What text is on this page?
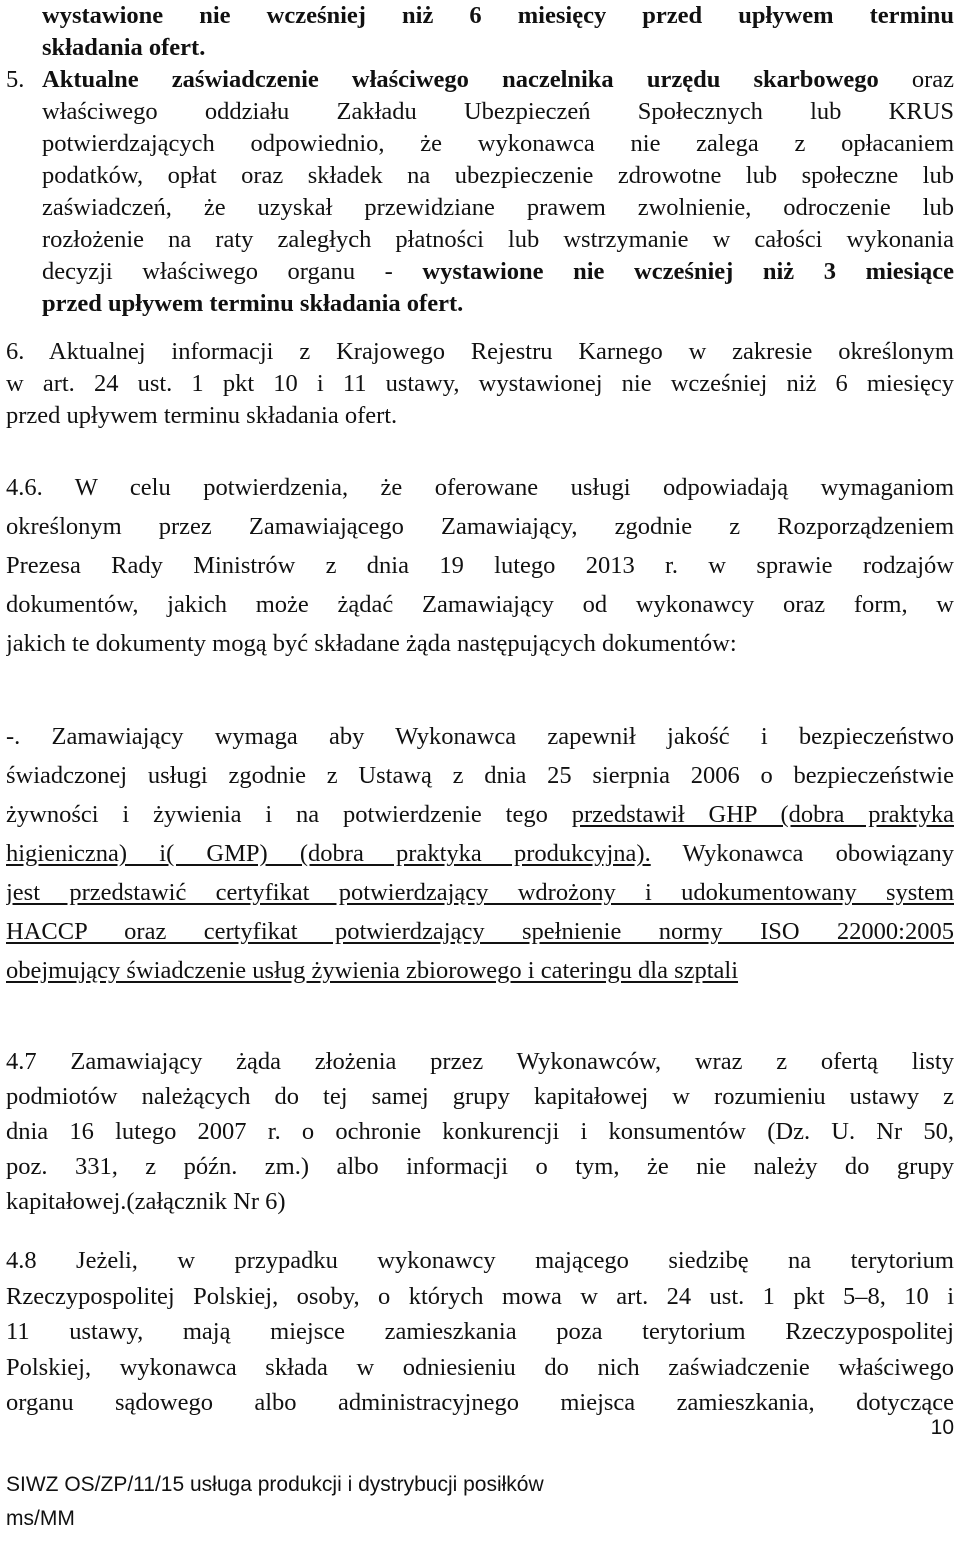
wystawione nie wcześniej niż 6 miesięcy przed upływem terminu
składania ofert.
5. Aktualne zaświadczenie właściwego naczelnika urzędu skarbowego oraz
właściwego oddziału Zakładu Ubezpieczeń Społecznych lub KRUS
potwierdzających odpowiednio, że wykonawca nie zalega z opłacaniem
podatków, opłat oraz składek na ubezpieczenie zdrowotne lub społeczne lub
zaświadczeń, że uzyskał przewidziane prawem zwolnienie, odroczenie lub
rozłożenie na raty zaległych płatności lub wstrzymanie w całości wykonania
decyzji właściwego organu - wystawione nie wcześniej niż 3 miesiące
przed upływem terminu składania ofert.
6. Aktualnej informacji z Krajowego Rejestru Karnego w zakresie określonym
w art. 24 ust. 1 pkt 10 i 11 ustawy, wystawionej nie wcześniej niż 6 miesięcy
przed upływem terminu składania ofert.
4.6. W celu potwierdzenia, że oferowane usługi odpowiadają wymaganiom
określonym przez Zamawiającego Zamawiający, zgodnie z Rozporządzeniem
Prezesa Rady Ministrów z dnia 19 lutego 2013 r. w sprawie rodzajów
dokumentów, jakich może żądać Zamawiający od wykonawcy oraz form, w
jakich te dokumenty mogą być składane żąda następujących dokumentów:
-. Zamawiający wymaga aby Wykonawca zapewnił jakość i bezpieczeństwo
świadczonej usługi zgodnie z Ustawą z dnia 25 sierpnia 2006 o bezpieczeństwie
żywności i żywienia i na potwierdzenie tego przedstawił GHP (dobra praktyka
higieniczna) i( GMP) (dobra praktyka produkcyjna). Wykonawca obowiązany
jest przedstawić certyfikat potwierdzający wdrożony i udokumentowany system
HACCP oraz certyfikat potwierdzający spełnienie normy ISO 22000:2005
obejmujący świadczenie usług żywienia zbiorowego i cateringu dla szptali
4.7 Zamawiający żąda złożenia przez Wykonawców, wraz z ofertą listy
podmiotów należących do tej samej grupy kapitałowej w rozumieniu ustawy z
dnia 16 lutego 2007 r. o ochronie konkurencji i konsumentów (Dz. U. Nr 50,
poz. 331, z późn. zm.) albo informacji o tym, że nie należy do grupy
kapitałowej.(załącznik Nr 6)
4.8 Jeżeli, w przypadku wykonawcy mającego siedzibę na terytorium
Rzeczypospolitej Polskiej, osoby, o których mowa w art. 24 ust. 1 pkt 5–8, 10 i
11 ustawy, mają miejsce zamieszkania poza terytorium Rzeczypospolitej
Polskiej, wykonawca składa w odniesieniu do nich zaświadczenie właściwego
organu sądowego albo administracyjnego miejsca zamieszkania, dotyczące
10
SIWZ OS/ZP/11/15 usługa produkcji i dystrybucji posiłków
ms/MM
